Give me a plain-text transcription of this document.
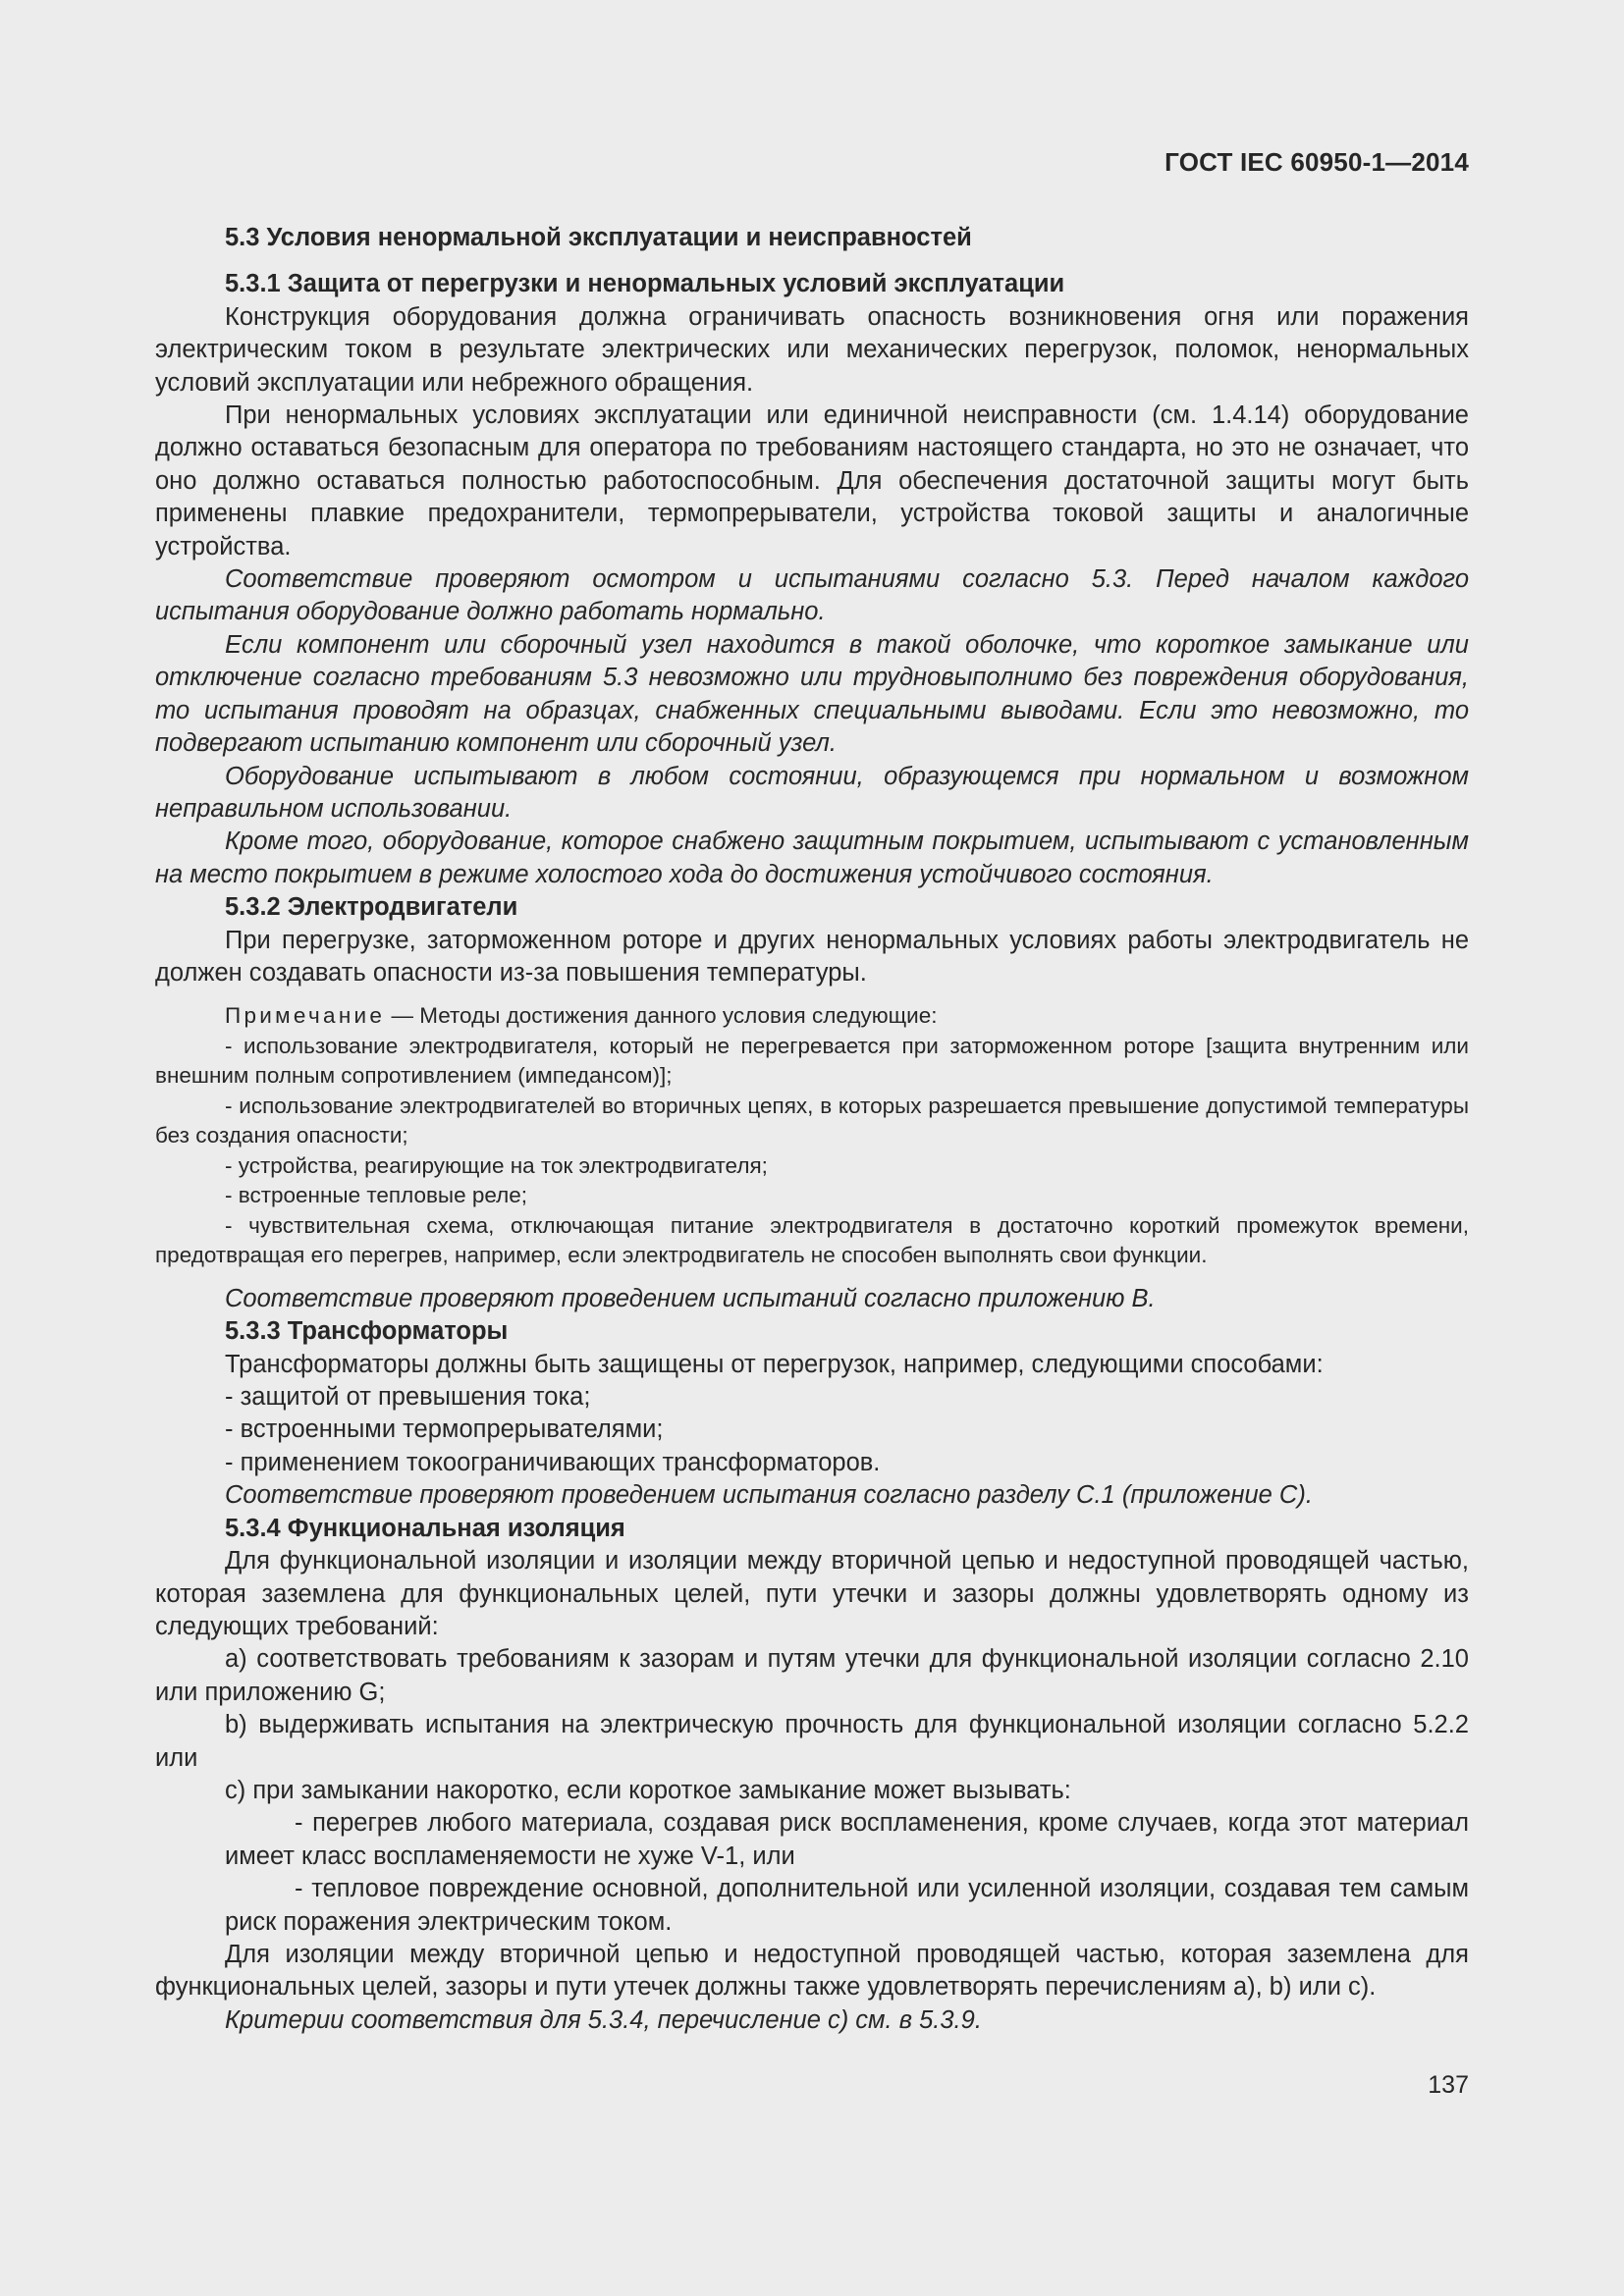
ГОСТ IEC 60950-1—2014

5.3 Условия ненормальной эксплуатации и неисправностей

5.3.1 Защита от перегрузки и ненормальных условий эксплуатации

Конструкция оборудования должна ограничивать опасность возникновения огня или поражения электрическим током в результате электрических или механических перегрузок, поломок, ненормальных условий эксплуатации или небрежного обращения.

При ненормальных условиях эксплуатации или единичной неисправности (см. 1.4.14) оборудование должно оставаться безопасным для оператора по требованиям настоящего стандарта, но это не означает, что оно должно оставаться полностью работоспособным. Для обеспечения достаточной защиты могут быть применены плавкие предохранители, термопрерыватели, устройства токовой защиты и аналогичные устройства.

Соответствие проверяют осмотром и испытаниями согласно 5.3. Перед началом каждого испытания оборудование должно работать нормально.

Если компонент или сборочный узел находится в такой оболочке, что короткое замыкание или отключение согласно требованиям 5.3 невозможно или трудновыполнимо без повреждения оборудования, то испытания проводят на образцах, снабженных специальными выводами. Если это невозможно, то подвергают испытанию компонент или сборочный узел.

Оборудование испытывают в любом состоянии, образующемся при нормальном и возможном неправильном использовании.

Кроме того, оборудование, которое снабжено защитным покрытием, испытывают с установленным на место покрытием в режиме холостого хода до достижения устойчивого состояния.

5.3.2 Электродвигатели

При перегрузке, заторможенном роторе и других ненормальных условиях работы электродвигатель не должен создавать опасности из-за повышения температуры.

Примечание — Методы достижения данного условия следующие:

- использование электродвигателя, который не перегревается при заторможенном роторе [защита внутренним или внешним полным сопротивлением (импедансом)];

- использование электродвигателей во вторичных цепях, в которых разрешается превышение допустимой температуры без создания опасности;

- устройства, реагирующие на ток электродвигателя;

- встроенные тепловые реле;

- чувствительная схема, отключающая питание электродвигателя в достаточно короткий промежуток времени, предотвращая его перегрев, например, если электродвигатель не способен выполнять свои функции.

Соответствие проверяют проведением испытаний согласно приложению В.

5.3.3 Трансформаторы

Трансформаторы должны быть защищены от перегрузок, например, следующими способами:

- защитой от превышения тока;

- встроенными термопрерывателями;

- применением токоограничивающих трансформаторов.

Соответствие проверяют проведением испытания согласно разделу С.1 (приложение С).

5.3.4 Функциональная изоляция

Для функциональной изоляции и изоляции между вторичной цепью и недоступной проводящей частью, которая заземлена для функциональных целей, пути утечки и зазоры должны удовлетворять одному из следующих требований:

а) соответствовать требованиям к зазорам и путям утечки для функциональной изоляции согласно 2.10 или приложению G;

b) выдерживать испытания на электрическую прочность для функциональной изоляции согласно 5.2.2 или

с) при замыкании накоротко, если короткое замыкание может вызывать:

- перегрев любого материала, создавая риск воспламенения, кроме случаев, когда этот материал имеет класс воспламеняемости не хуже V-1, или

- тепловое повреждение основной, дополнительной или усиленной изоляции, создавая тем самым риск поражения электрическим током.

Для изоляции между вторичной цепью и недоступной проводящей частью, которая заземлена для функциональных целей, зазоры и пути утечек должны также удовлетворять перечислениям а), b) или с).

Критерии соответствия для 5.3.4, перечисление с) см. в 5.3.9.

137
